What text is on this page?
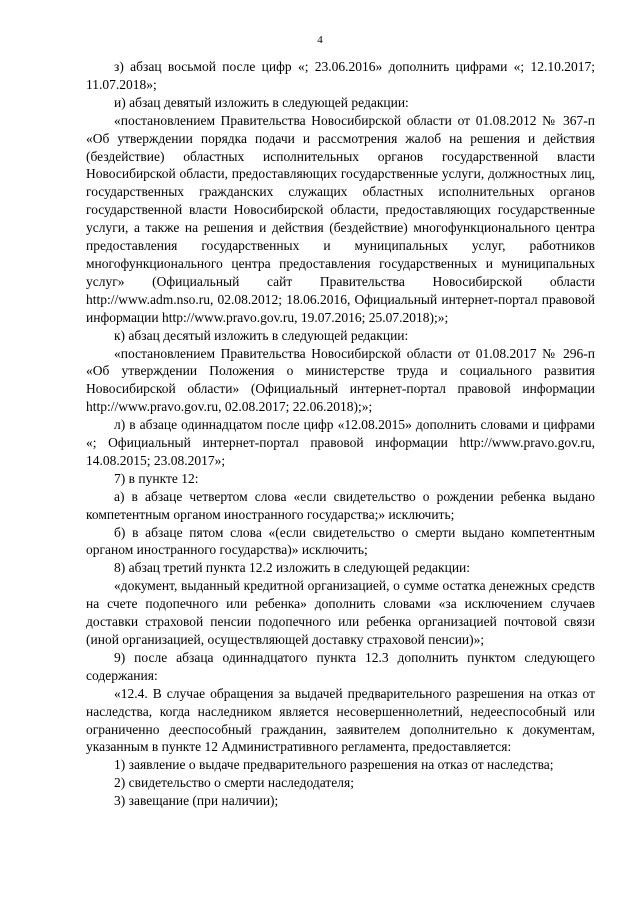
4

з) абзац восьмой после цифр «; 23.06.2016» дополнить цифрами «; 12.10.2017; 11.07.2018»;

и) абзац девятый изложить в следующей редакции:

«постановлением Правительства Новосибирской области от 01.08.2012 № 367-п «Об утверждении порядка подачи и рассмотрения жалоб на решения и действия (бездействие) областных исполнительных органов государственной власти Новосибирской области, предоставляющих государственные услуги, должностных лиц, государственных гражданских служащих областных исполнительных органов государственной власти Новосибирской области, предоставляющих государственные услуги, а также на решения и действия (бездействие) многофункционального центра предоставления государственных и муниципальных услуг, работников многофункционального центра предоставления государственных и муниципальных услуг» (Официальный сайт Правительства Новосибирской области http://www.adm.nso.ru, 02.08.2012; 18.06.2016, Официальный интернет-портал правовой информации http://www.pravo.gov.ru, 19.07.2016; 25.07.2018);»;

к) абзац десятый изложить в следующей редакции:

«постановлением Правительства Новосибирской области от 01.08.2017 № 296-п «Об утверждении Положения о министерстве труда и социального развития Новосибирской области» (Официальный интернет-портал правовой информации http://www.pravo.gov.ru, 02.08.2017; 22.06.2018);»;

л) в абзаце одиннадцатом после цифр «12.08.2015» дополнить словами и цифрами «; Официальный интернет-портал правовой информации http://www.pravo.gov.ru, 14.08.2015; 23.08.2017»;

7) в пункте 12:

а) в абзаце четвертом слова «если свидетельство о рождении ребенка выдано компетентным органом иностранного государства;» исключить;

б) в абзаце пятом слова «(если свидетельство о смерти выдано компетентным органом иностранного государства)» исключить;

8) абзац третий пункта 12.2 изложить в следующей редакции:

«документ, выданный кредитной организацией, о сумме остатка денежных средств на счете подопечного или ребенка» дополнить словами «за исключением случаев доставки страховой пенсии подопечного или ребенка организацией почтовой связи (иной организацией, осуществляющей доставку страховой пенсии)»;

9) после абзаца одиннадцатого пункта 12.3 дополнить пунктом следующего содержания:

«12.4. В случае обращения за выдачей предварительного разрешения на отказ от наследства, когда наследником является несовершеннолетний, недееспособный или ограниченно дееспособный гражданин, заявителем дополнительно к документам, указанным в пункте 12 Административного регламента, предоставляется:

1) заявление о выдаче предварительного разрешения на отказ от наследства;

2) свидетельство о смерти наследодателя;

3) завещание (при наличии);
